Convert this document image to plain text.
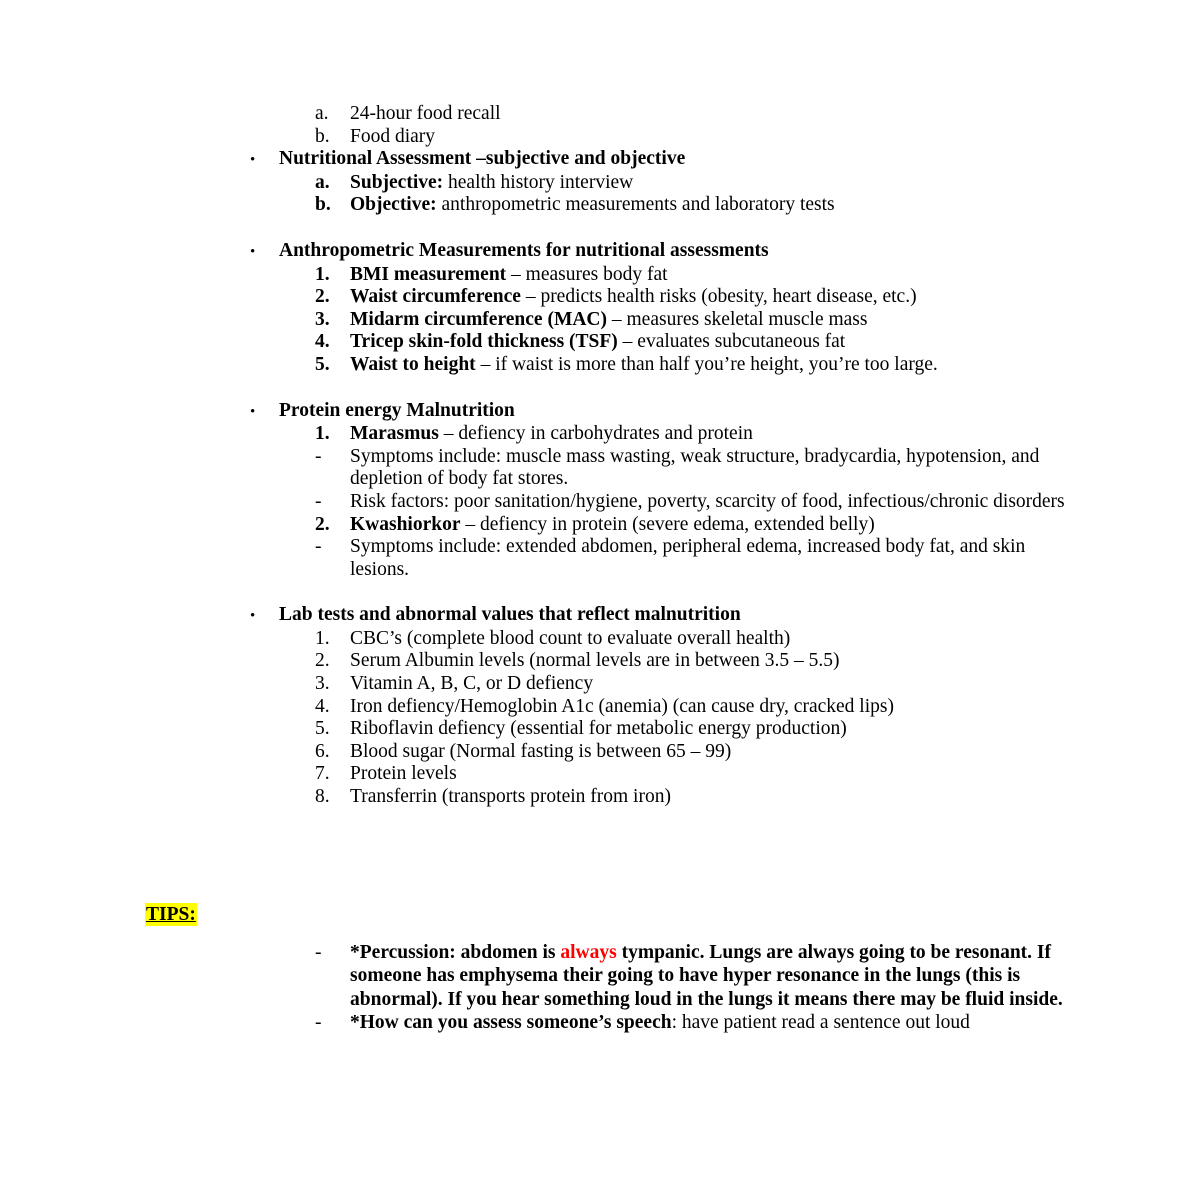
a.	24-hour food recall
b.	Food diary
•	Nutritional Assessment –subjective and objective
a.	Subjective: health history interview
b. Objective: anthropometric measurements and laboratory tests
•	Anthropometric Measurements for nutritional assessments
1.	BMI measurement – measures body fat
2.	Waist circumference – predicts health risks (obesity, heart disease, etc.)
3.	Midarm circumference (MAC) – measures skeletal muscle mass
4.	Tricep skin-fold thickness (TSF) – evaluates subcutaneous fat
5.	Waist to height – if waist is more than half you’re height, you’re too large.
•	Protein energy Malnutrition
1.	Marasmus – defiency in carbohydrates and protein
-	Symptoms include: muscle mass wasting, weak structure, bradycardia, hypotension, and depletion of body fat stores.
-	Risk factors: poor sanitation/hygiene, poverty, scarcity of food, infectious/chronic disorders
2.	Kwashiorkor – defiency in protein (severe edema, extended belly)
-	Symptoms include: extended abdomen, peripheral edema, increased body fat, and skin lesions.
•	Lab tests and abnormal values that reflect malnutrition
1.	CBC’s (complete blood count to evaluate overall health)
2.	Serum Albumin levels (normal levels are in between 3.5 – 5.5)
3.	Vitamin A, B, C, or D defiency
4.	Iron defiency/Hemoglobin A1c (anemia) (can cause dry, cracked lips)
5.	Riboflavin defiency (essential for metabolic energy production)
6.	Blood sugar (Normal fasting is between 65 – 99)
7.	Protein levels
8.	Transferrin (transports protein from iron)
TIPS:
-	*Percussion: abdomen is always tympanic. Lungs are always going to be resonant. If someone has emphysema their going to have hyper resonance in the lungs (this is abnormal). If you hear something loud in the lungs it means there may be fluid inside.
-	*How can you assess someone’s speech: have patient read a sentence out loud
